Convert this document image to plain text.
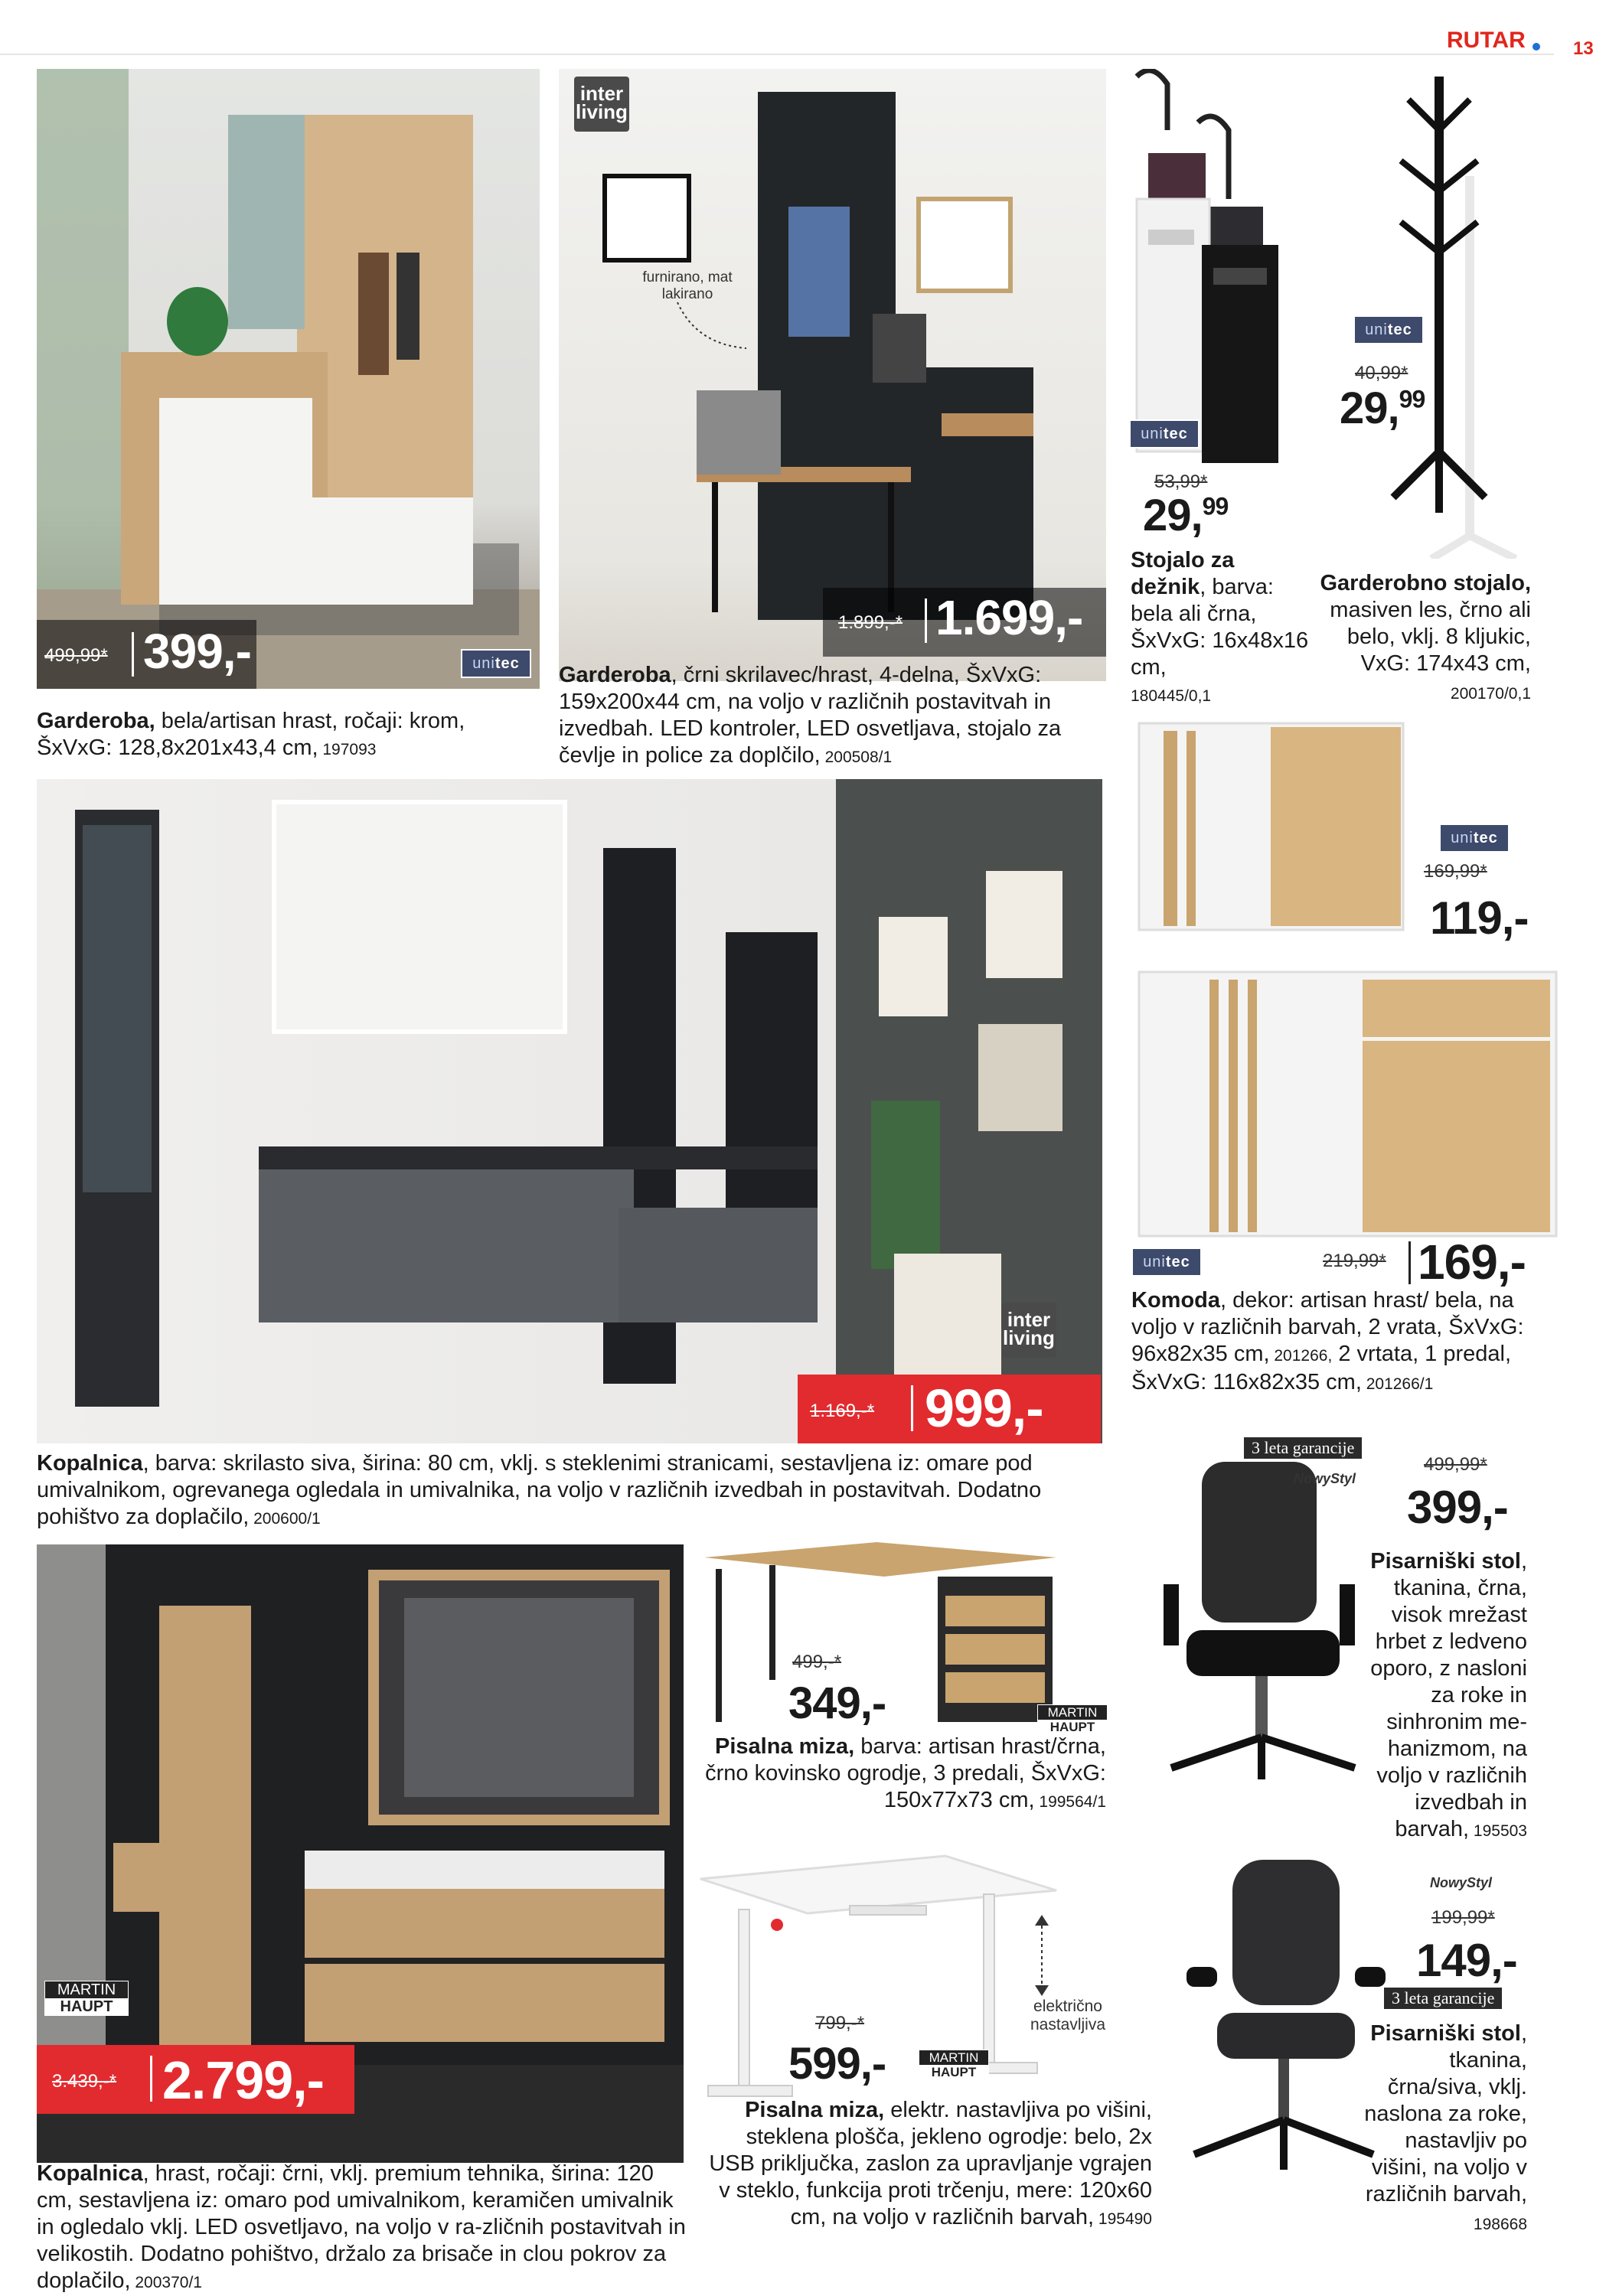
RUTAR	13
499,99* 399,-	unitec
Garderoba, bela/artisan hrast, ročaji: krom, ŠxVxG: 128,8x201x43,4 cm, 197093
inter
living
furnirano, mat lakirano
1.899,-* 1.699,-
Garderoba, črni skrilavec/hrast, 4-delna, ŠxVxG: 159x200x44 cm, na voljo v različnih postavitvah in izvedbah. LED kontroler, LED osvetljava, stojalo za čevlje in police za doplčilo, 200508/1
unitec
53,99*
29,99
Stojalo za dežnik, barva: bela ali črna, ŠxVxG: 16x48x16 cm,
180445/0,1
unitec
40,99*
29,99
Garderobno stojalo, masiven les, črno ali belo, vklj. 8 kljukic, VxG: 174x43 cm, 200170/0,1
unitec
169,99*
119,-
unitec	219,99* 169,-
Komoda, dekor: artisan hrast/ bela, na voljo v različnih barvah, 2 vrata, ŠxVxG: 96x82x35 cm, 201266, 2 vrtata, 1 predal, ŠxVxG: 116x82x35 cm, 201266/1
inter
living
1.169,-* 999,-
Kopalnica, barva: skrilasto siva, širina: 80 cm, vklj. s steklenimi stranicami, sestavljena iz: omare pod umivalnikom, ogrevanega ogledala in umivalnika, na voljo v različnih izvedbah in postavitvah. Dodatno pohištvo za doplačilo, 200600/1
3 leta garancije
NowyStyl
499,99*
399,-
Pisarniški stol, tkanina, črna, visok mrežast hrbet z ledveno oporo, z nasloni za roke in sinhronim me-hanizmom, na voljo v različnih izvedbah in barvah, 195503
499,-*
349,-	MARTIN
HAUPT
Pisalna miza, barva: artisan hrast/črna, črno kovinsko ogrodje, 3 predali, ŠxVxG: 150x77x73 cm, 199564/1
MARTIN
HAUPT
3.439,-* 2.799,-
Kopalnica, hrast, ročaji: črni, vklj. premium tehnika, širina: 120 cm, sestavljena iz: omaro pod umivalnikom, keramičen umivalnik in ogledalo vklj. LED osvetljavo, na voljo v ra-zličnih postavitvah in velikostih. Dodatno pohištvo, držalo za brisače in clou pokrov za doplačilo, 200370/1
električno nastavljiva
799,-*
599,-	MARTIN
HAUPT
Pisalna miza, elektr. nastavljiva po višini, steklena plošča, jekleno ogrodje: belo, 2x USB priključka, zaslon za upravljanje vgrajen v steklo, funkcija proti trčenju, mere: 120x60 cm, na voljo v različnih barvah, 195490
NowyStyl
199,99*
149,-
3 leta garancije
Pisarniški stol, tkanina, črna/siva, vklj. naslona za roke, nastavljiv po višini, na voljo v različnih barvah, 198668
